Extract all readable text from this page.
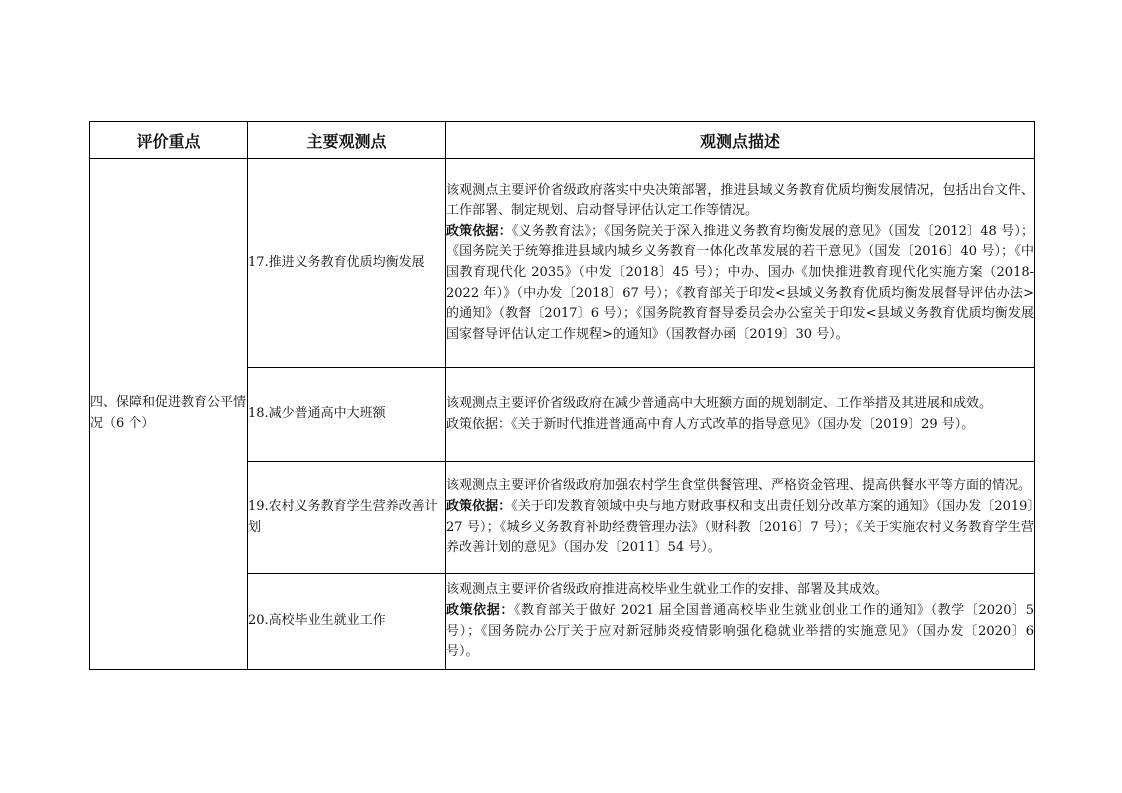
评价重点	主要观测点	观测点描述
四、保障和促进教育公平情况（6 个）	17.推进义务教育优质均衡发展	该观测点主要评价省级政府落实中央决策部署，推进县域义务教育优质均衡发展情况，包括出台文件、工作部署、制定规划、启动督导评估认定工作等情况。
政策依据：《义务教育法》；《国务院关于深入推进义务教育均衡发展的意见》（国发〔2012〕48 号）；《国务院关于统筹推进县域内城乡义务教育一体化改革发展的若干意见》（国发〔2016〕40 号）；《中国教育现代化 2035》（中发〔2018〕45 号）；中办、国办《加快推进教育现代化实施方案（2018-2022 年）》（中办发〔2018〕67 号）；《教育部关于印发<县域义务教育优质均衡发展督导评估办法>的通知》（教督〔2017〕6 号）；《国务院教育督导委员会办公室关于印发<县域义务教育优质均衡发展国家督导评估认定工作规程>的通知》（国教督办函〔2019〕30 号）。
	18.减少普通高中大班额	该观测点主要评价省级政府在减少普通高中大班额方面的规划制定、工作举措及其进展和成效。
政策依据：《关于新时代推进普通高中育人方式改革的指导意见》（国办发〔2019〕29 号）。
	19.农村义务教育学生营养改善计划	该观测点主要评价省级政府加强农村学生食堂供餐管理、严格资金管理、提高供餐水平等方面的情况。
政策依据：《关于印发教育领域中央与地方财政事权和支出责任划分改革方案的通知》（国办发〔2019〕27 号）；《城乡义务教育补助经费管理办法》（财科教〔2016〕7 号）；《关于实施农村义务教育学生营养改善计划的意见》（国办发〔2011〕54 号）。
	20.高校毕业生就业工作	该观测点主要评价省级政府推进高校毕业生就业工作的安排、部署及其成效。
政策依据：《教育部关于做好 2021 届全国普通高校毕业生就业创业工作的通知》（教学〔2020〕5 号）；《国务院办公厅关于应对新冠肺炎疫情影响强化稳就业举措的实施意见》（国办发〔2020〕6 号）。
